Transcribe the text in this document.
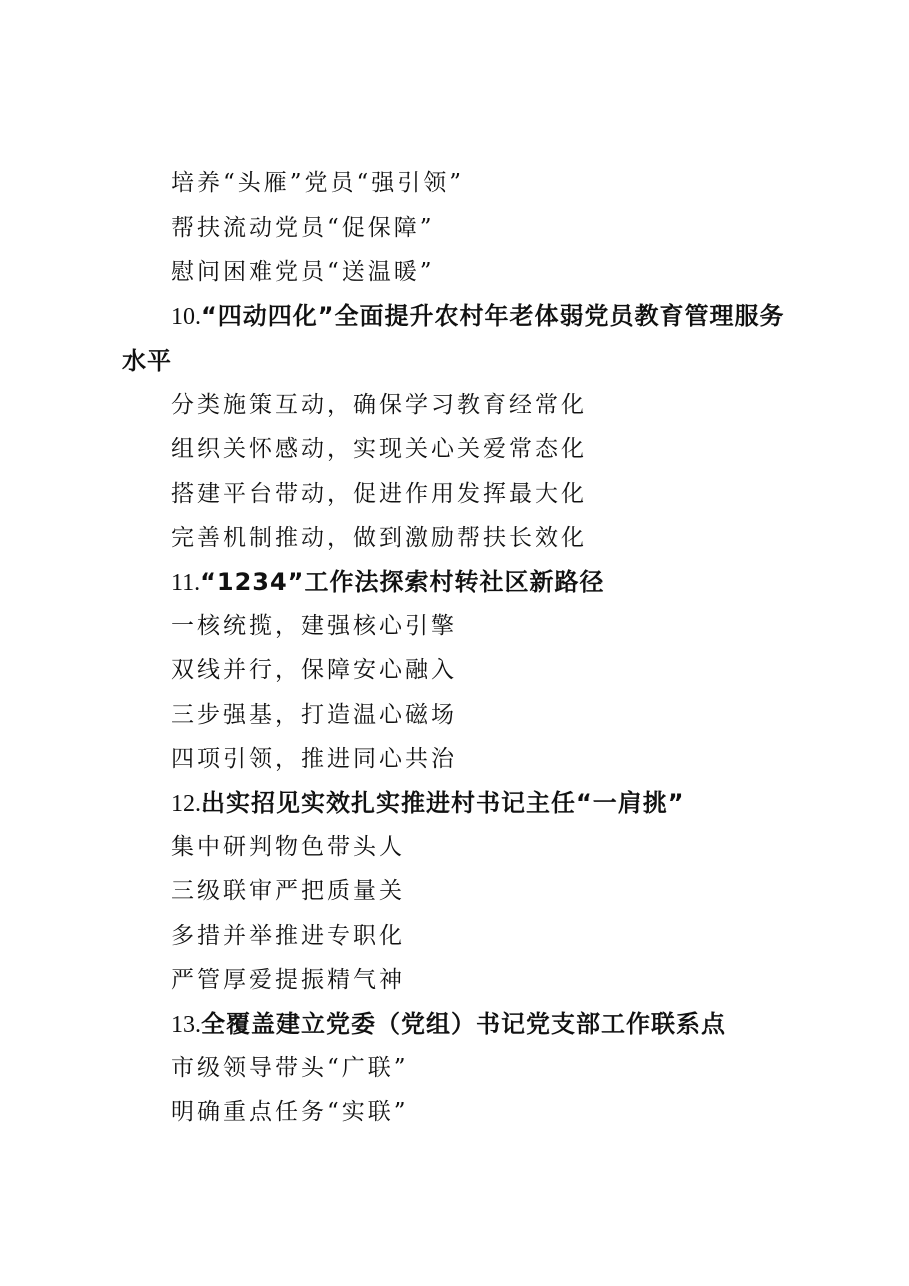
培养“头雁”党员“强引领”
帮扶流动党员“促保障”
慰问困难党员“送温暖”
10.“四动四化”全面提升农村年老体弱党员教育管理服务
水平
分类施策互动，确保学习教育经常化
组织关怀感动，实现关心关爱常态化
搭建平台带动，促进作用发挥最大化
完善机制推动，做到激励帮扶长效化
11.“1234”工作法探索村转社区新路径
一核统揽，建强核心引擎
双线并行，保障安心融入
三步强基，打造温心磁场
四项引领，推进同心共治
12.出实招见实效扎实推进村书记主任“一肩挑”
集中研判物色带头人
三级联审严把质量关
多措并举推进专职化
严管厚爱提振精气神
13.全覆盖建立党委（党组）书记党支部工作联系点
市级领导带头“广联”
明确重点任务“实联”
